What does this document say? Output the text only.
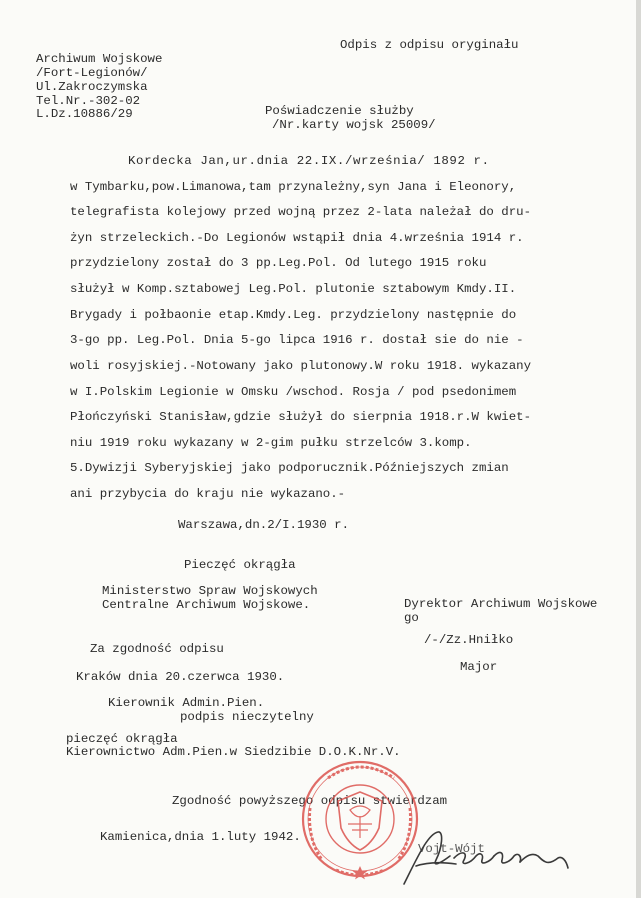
Odpis z odpisu oryginału
Archiwum Wojskowe
/Fort-Legionów/
Ul.Zakroczymska
Tel.Nr.-302-02
L.Dz.10886/29	Poświadczenie służby
/Nr.karty wojsk 25009/
Kordecka Jan,ur.dnia 22.IX./września/ 1892 r.
w Tymbarku,pow.Limanowa,tam przynależny,syn Jana i Eleonory,
telegrafista kolejowy przed wojną przez 2-lata należał do dru-
żyn strzeleckich.-Do Legionów wstąpił dnia 4.września 1914 r.
przydzielony został do 3 pp.Leg.Pol. Od lutego 1915 roku
służył w Komp.sztabowej Leg.Pol. plutonie sztabowym Kmdy.II.
Brygady i połbaonie etap.Kmdy.Leg. przydzielony następnie do
3-go pp. Leg.Pol. Dnia 5-go lipca 1916 r. dostał sie do nie -
woli rosyjskiej.-Notowany jako plutonowy.W roku 1918. wykazany
w I.Polskim Legionie w Omsku /wschod. Rosja / pod psedonimem
Płończyński Stanisław,gdzie służył do sierpnia 1918.r.W kwiet-
niu 1919 roku wykazany w 2-gim pułku strzelców 3.komp.
5.Dywizji Syberyjskiej jako podporucznik.Późniejszych zmian
ani przybycia do kraju nie wykazano.-
Warszawa,dn.2/I.1930 r.
Pieczęć okrągła
Ministerstwo Spraw Wojskowych
Centralne Archiwum Wojskowe.	Dyrektor Archiwum Wojskowe
go
/-/Zz.Hniłko
Major
Za zgodność odpisu
Kraków dnia 20.czerwca 1930.
Kierownik Admin.Pien.
podpis nieczytelny
pieczęć okrągła
Kierownictwo Adm.Pien.w Siedzibie D.O.K.Nr.V.
Zgodność powyższego odpisu stwierdzam
Kamienica,dnia 1.luty 1942.
Vojt-Wójt
